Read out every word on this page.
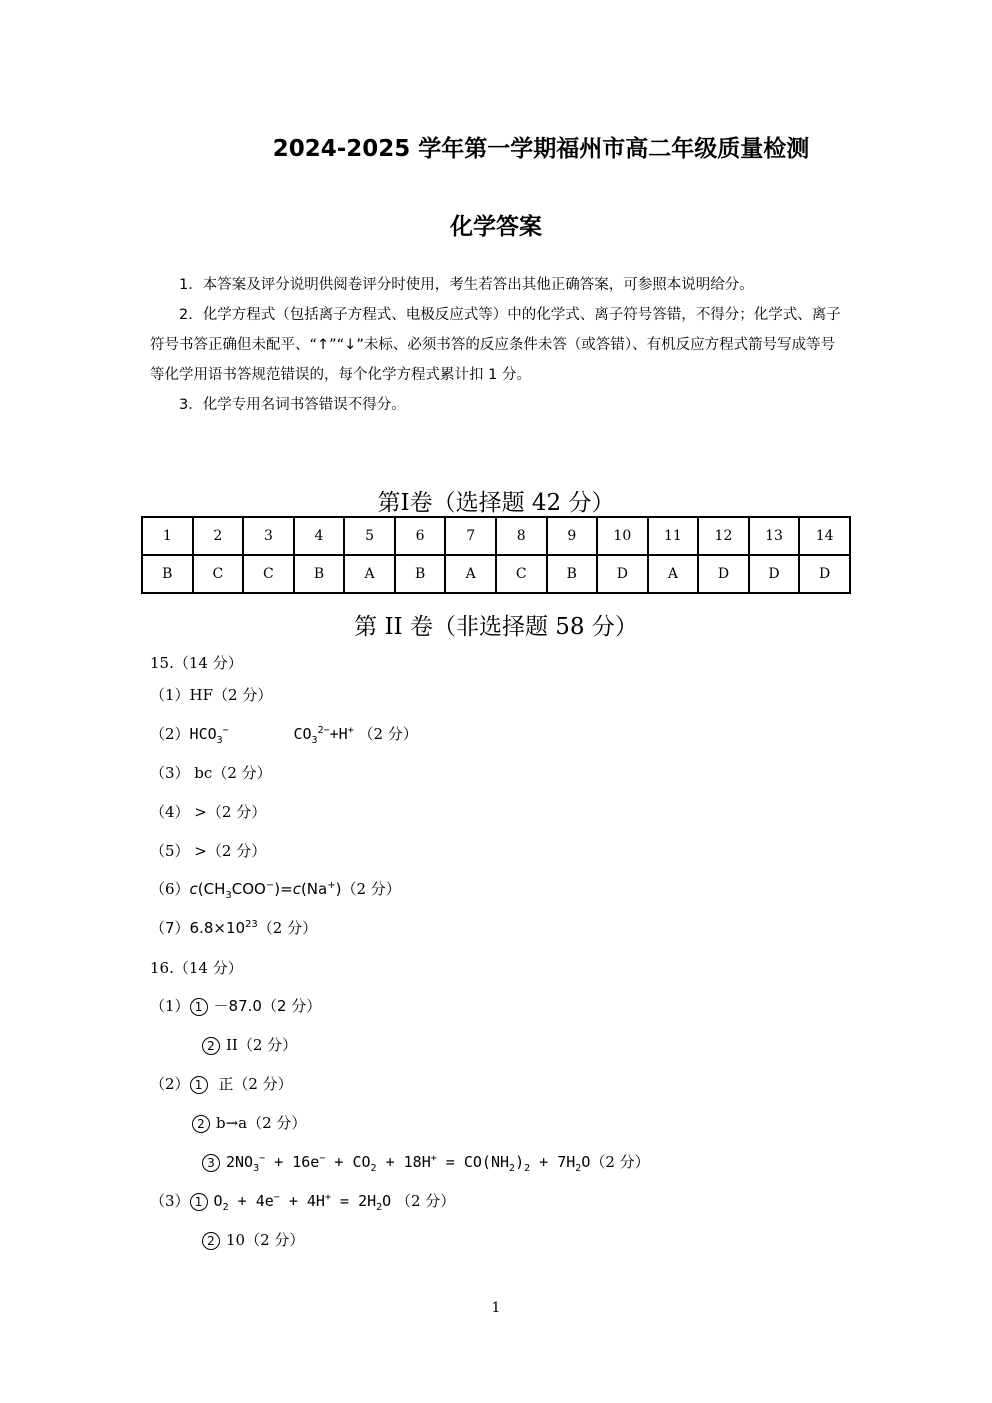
2024-2025 学年第一学期福州市高二年级质量检测
化学答案

1．本答案及评分说明供阅卷评分时使用，考生若答出其他正确答案，可参照本说明给分。

2．化学方程式（包括离子方程式、电极反应式等）中的化学式、离子符号答错，不得分；化学式、离子符号书答正确但未配平、“↑”“↓”未标、必须书答的反应条件未答（或答错）、有机反应方程式箭号写成等号等化学用语书答规范错误的，每个化学方程式累计扣 1 分。

3．化学专用名词书答错误不得分。

第I卷（选择题 42 分）
1	2	3	4	5	6	7	8	9	10	11	12	13	14
B	C	C	B	A	B	A	C	B	D	A	D	D	D
第 II 卷（非选择题 58 分）
15.（14 分）
（1）HF（2 分）
$(2)HCO_3^-$	$CO_3^{2-}+H^+$ （2 分）
（3） bc（2 分）
（4） >（2 分）
（5） >（2 分）
$(6)c(CH_3COO^-)=c(Na^+)(2$ 分）
$(7)6.8\times 10^{23}(2$ 分）
16.（14 分）
（1） 1 －87.0（2 分）
2 II（2 分）
（2） 1 正（2 分）
2 b→a（2 分）
3 $2NO_3^- + 16e^- + CO_2 + 18H^+ = CO(NH_2)_2 + 7H_2O(2$ 分）
（3） 1 $O_2 + 4e^- + 4H^+ = 2H_2O$ （2 分）
2 10（2 分）
1
